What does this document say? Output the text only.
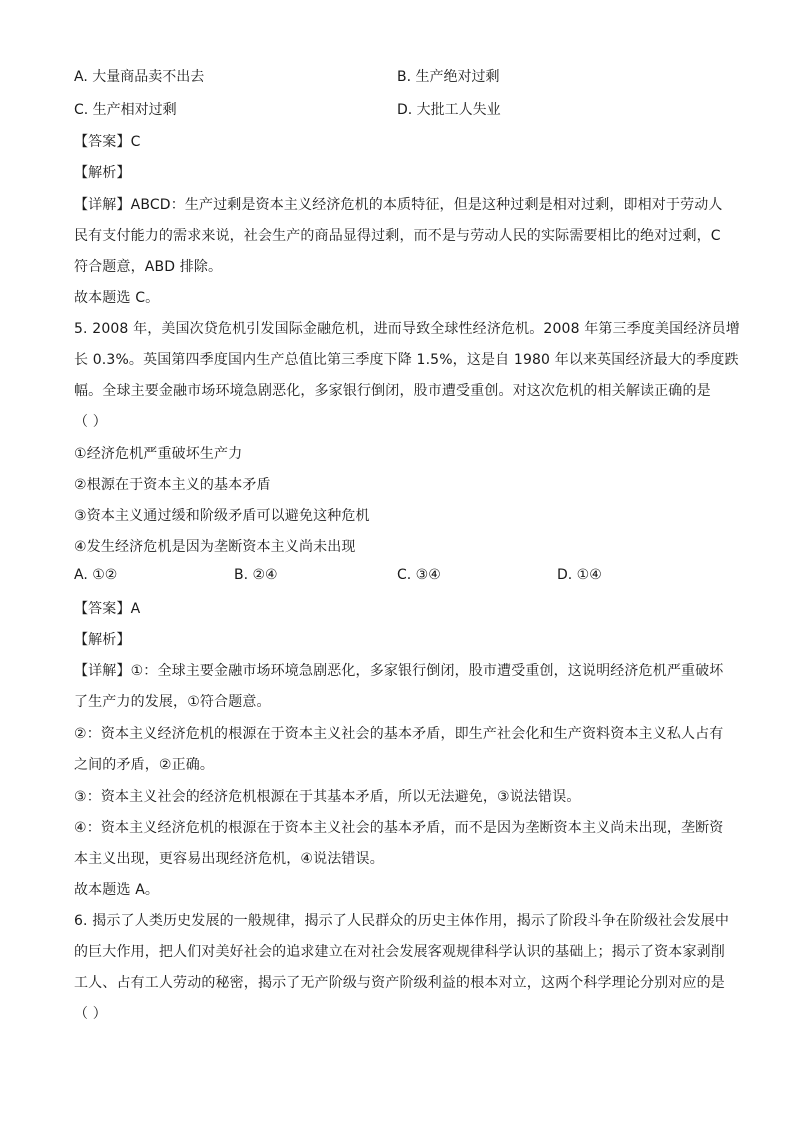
A. 大量商品卖不出去	B. 生产绝对过剩
C. 生产相对过剩	D. 大批工人失业
【答案】C
【解析】
【详解】ABCD：生产过剩是资本主义经济危机的本质特征，但是这种过剩是相对过剩，即相对于劳动人
民有支付能力的需求来说，社会生产的商品显得过剩，而不是与劳动人民的实际需要相比的绝对过剩，C
符合题意，ABD 排除。
故本题选 C。
5. 2008 年，美国次贷危机引发国际金融危机，进而导致全球性经济危机。2008 年第三季度美国经济员增
长 0.3%。英国第四季度国内生产总值比第三季度下降 1.5%，这是自 1980 年以来英国经济最大的季度跌
幅。全球主要金融市场环境急剧恶化，多家银行倒闭，股市遭受重创。对这次危机的相关解读正确的是
（ ）
①经济危机严重破坏生产力
②根源在于资本主义的基本矛盾
③资本主义通过缓和阶级矛盾可以避免这种危机
④发生经济危机是因为垄断资本主义尚未出现
A. ①②	B. ②④	C. ③④	D. ①④
【答案】A
【解析】
【详解】①：全球主要金融市场环境急剧恶化，多家银行倒闭，股市遭受重创，这说明经济危机严重破坏
了生产力的发展，①符合题意。
②：资本主义经济危机的根源在于资本主义社会的基本矛盾，即生产社会化和生产资料资本主义私人占有
之间的矛盾，②正确。
③：资本主义社会的经济危机根源在于其基本矛盾，所以无法避免，③说法错误。
④：资本主义经济危机的根源在于资本主义社会的基本矛盾，而不是因为垄断资本主义尚未出现，垄断资
本主义出现，更容易出现经济危机，④说法错误。
故本题选 A。
6. 揭示了人类历史发展的一般规律，揭示了人民群众的历史主体作用，揭示了阶段斗争在阶级社会发展中
的巨大作用，把人们对美好社会的追求建立在对社会发展客观规律科学认识的基础上；揭示了资本家剥削
工人、占有工人劳动的秘密，揭示了无产阶级与资产阶级利益的根本对立，这两个科学理论分别对应的是
（ ）
